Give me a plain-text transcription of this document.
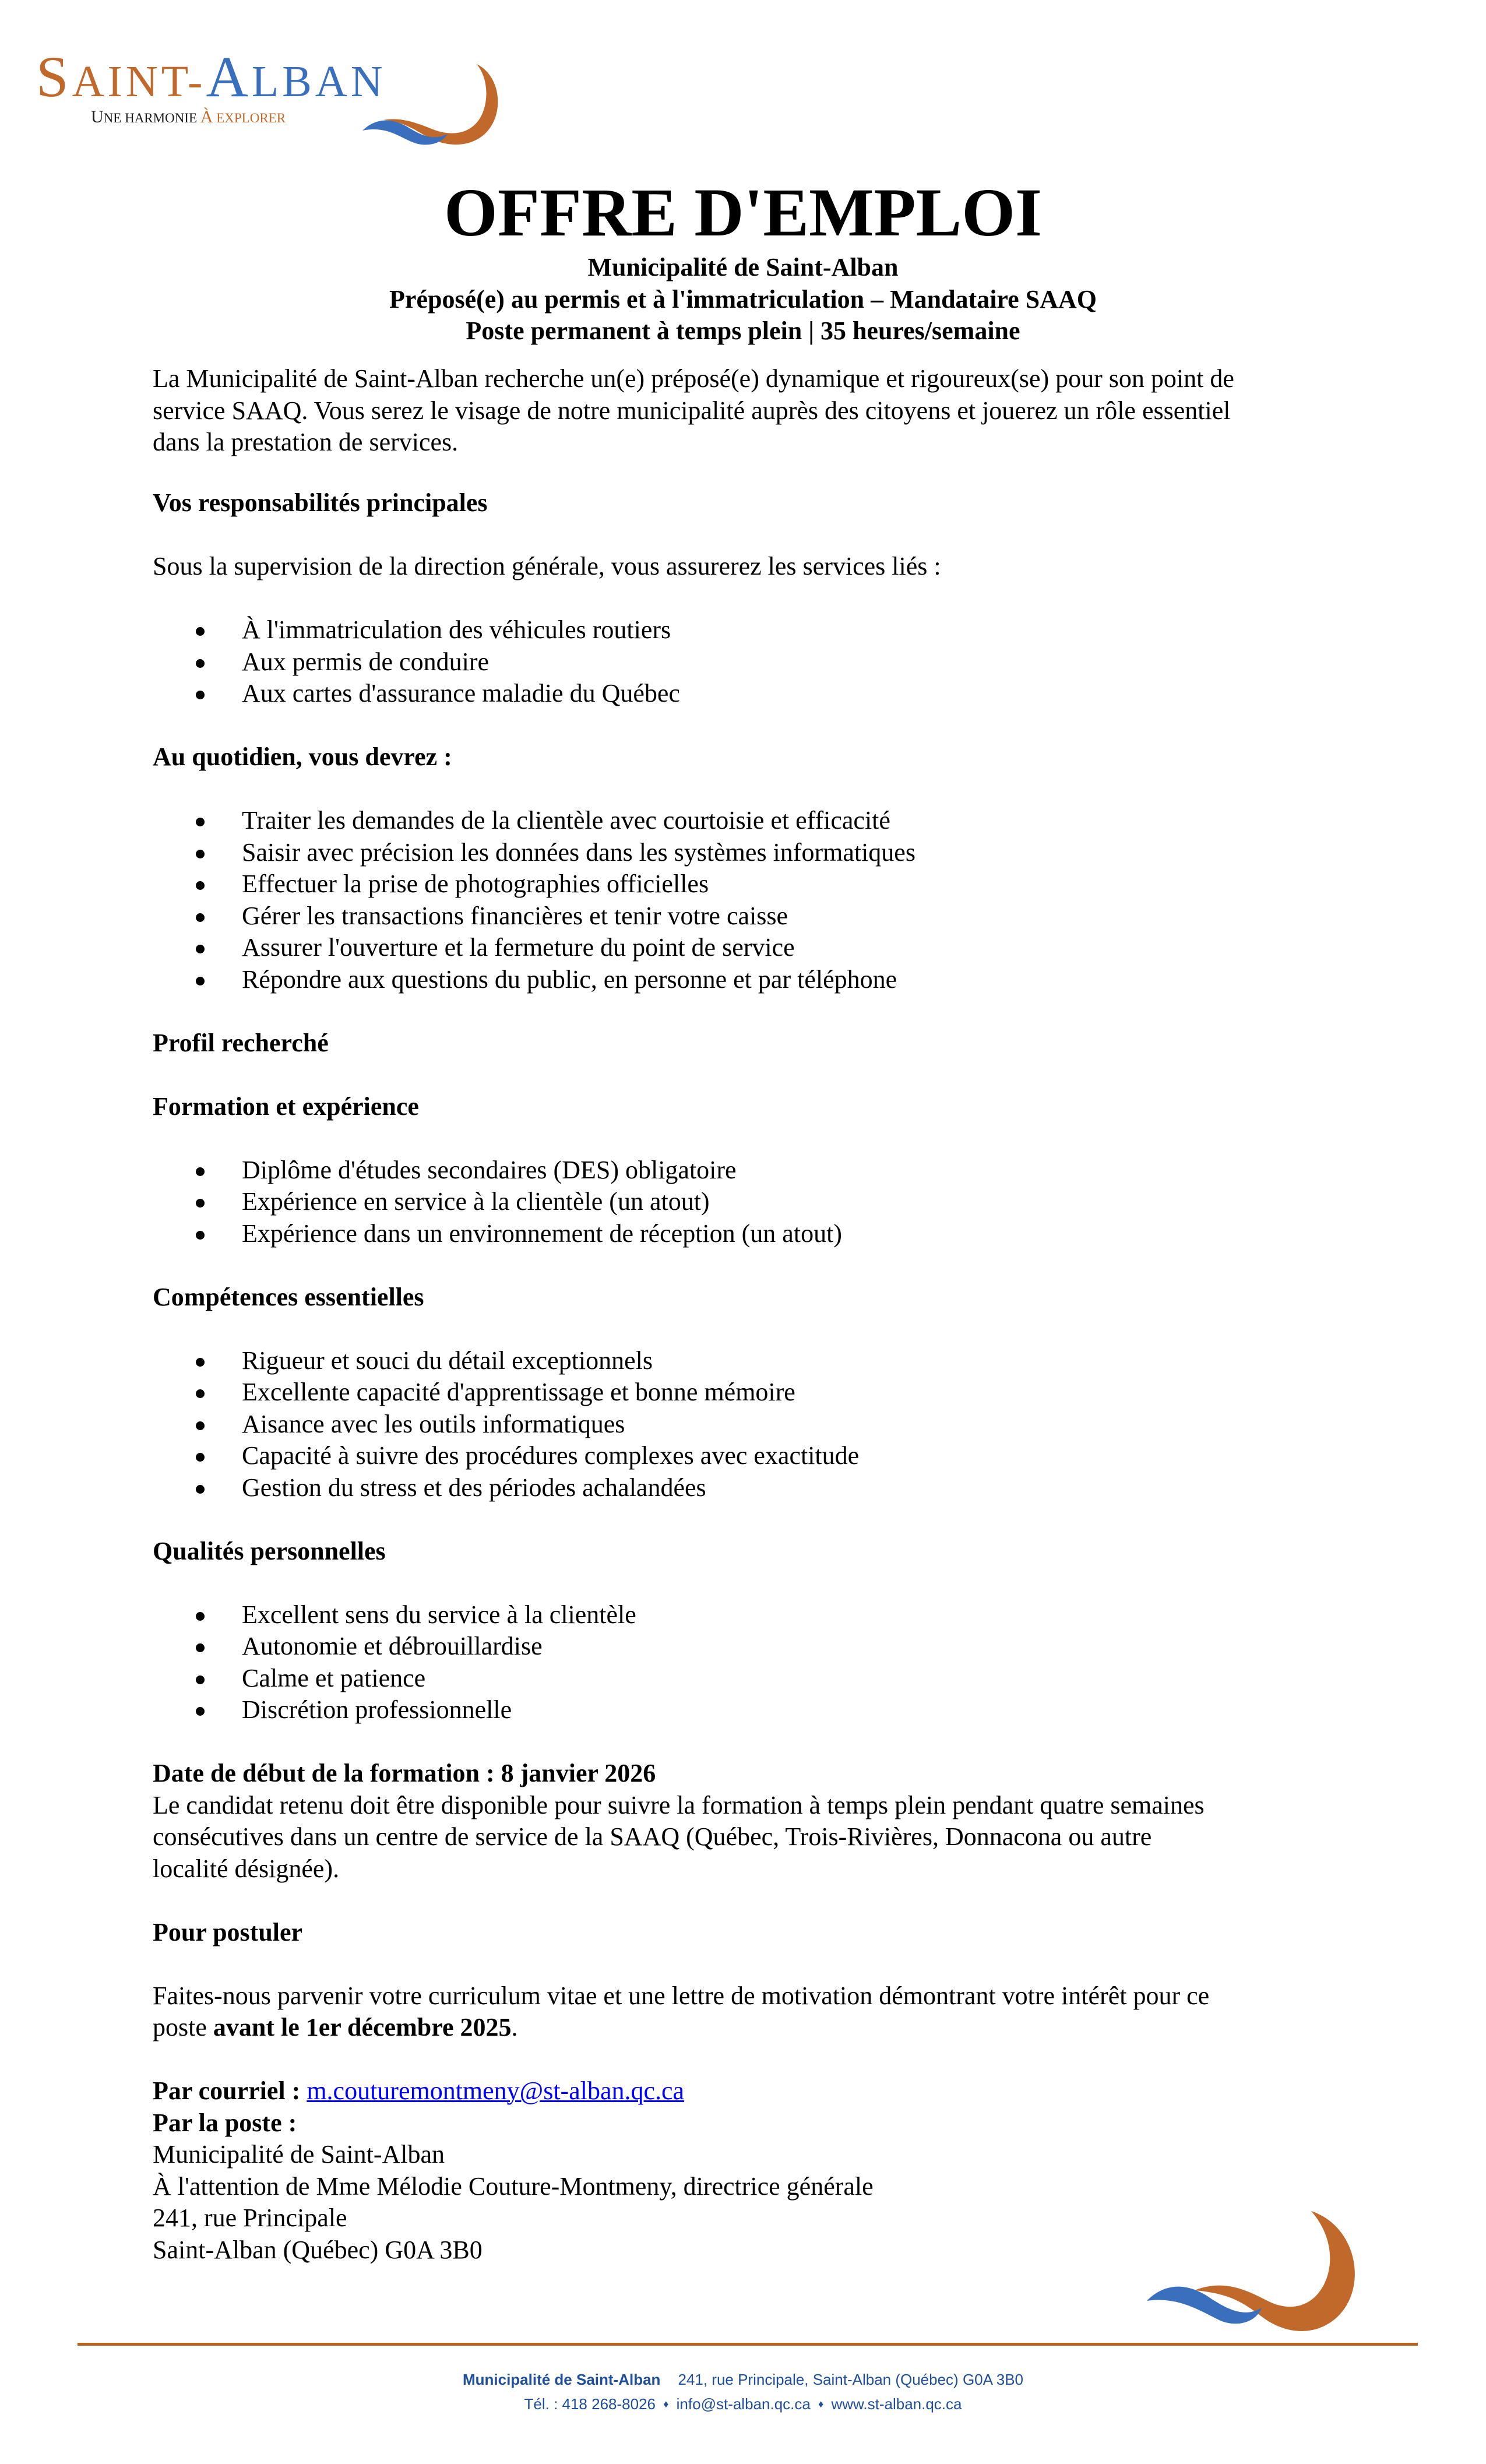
SAINT-ALBAN
UNE HARMONIE À EXPLORER
OFFRE D'EMPLOI

Municipalité de Saint-Alban

Préposé(e) au permis et à l'immatriculation – Mandataire SAAQ

Poste permanent à temps plein | 35 heures/semaine

La Municipalité de Saint-Alban recherche un(e) préposé(e) dynamique et rigoureux(se) pour son point de

service SAAQ. Vous serez le visage de notre municipalité auprès des citoyens et jouerez un rôle essentiel

dans la prestation de services.

Vos responsabilités principales

Sous la supervision de la direction générale, vous assurerez les services liés :

À l'immatriculation des véhicules routiers
Aux permis de conduire
Aux cartes d'assurance maladie du Québec

Au quotidien, vous devrez :

Traiter les demandes de la clientèle avec courtoisie et efficacité
Saisir avec précision les données dans les systèmes informatiques
Effectuer la prise de photographies officielles
Gérer les transactions financières et tenir votre caisse
Assurer l'ouverture et la fermeture du point de service
Répondre aux questions du public, en personne et par téléphone

Profil recherché

Formation et expérience

Diplôme d'études secondaires (DES) obligatoire
Expérience en service à la clientèle (un atout)
Expérience dans un environnement de réception (un atout)

Compétences essentielles

Rigueur et souci du détail exceptionnels
Excellente capacité d'apprentissage et bonne mémoire
Aisance avec les outils informatiques
Capacité à suivre des procédures complexes avec exactitude
Gestion du stress et des périodes achalandées

Qualités personnelles

Excellent sens du service à la clientèle
Autonomie et débrouillardise
Calme et patience
Discrétion professionnelle

Date de début de la formation : 8 janvier 2026

Le candidat retenu doit être disponible pour suivre la formation à temps plein pendant quatre semaines

consécutives dans un centre de service de la SAAQ (Québec, Trois-Rivières, Donnacona ou autre

localité désignée).

Pour postuler

Faites-nous parvenir votre curriculum vitae et une lettre de motivation démontrant votre intérêt pour ce

poste avant le 1er décembre 2025.

Par courriel : m.couturemontmeny@st-alban.qc.ca

Par la poste :

Municipalité de Saint-Alban

À l'attention de Mme Mélodie Couture-Montmeny, directrice générale

241, rue Principale

Saint-Alban (Québec) G0A 3B0

Municipalité de Saint-Alban 241, rue Principale, Saint-Alban (Québec) G0A 3B0
Tél. : 418 268-8026 ♦ info@st-alban.qc.ca ♦ www.st-alban.qc.ca
